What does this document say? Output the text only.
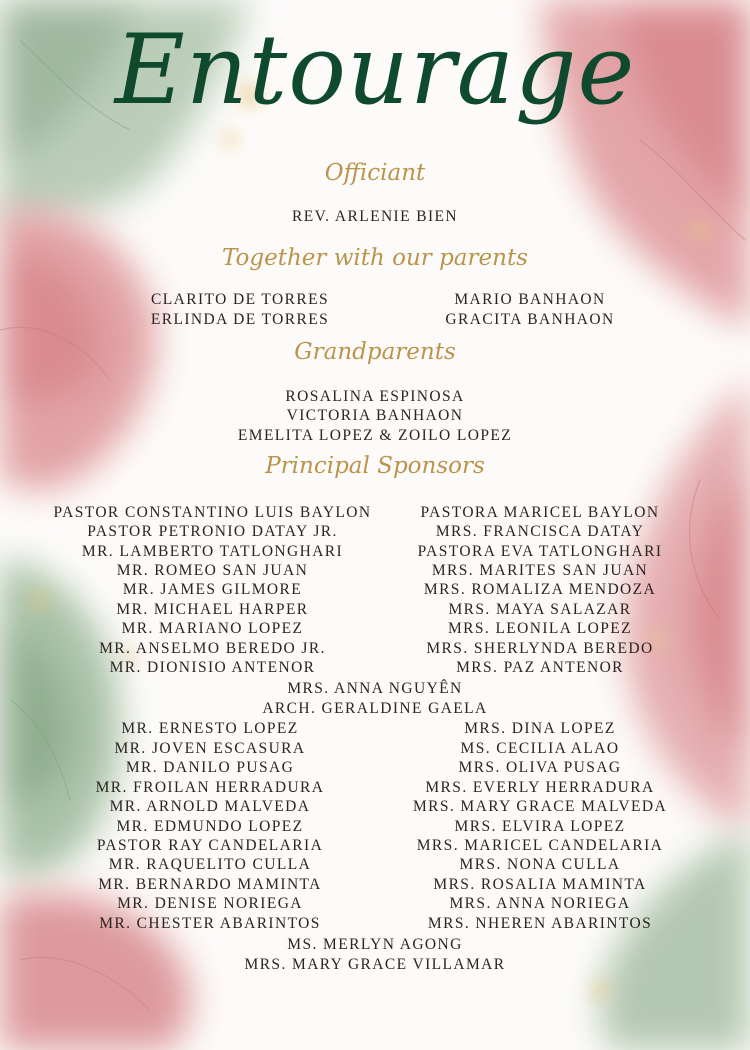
Entourage
Officiant
REV. ARLENIE BIEN
Together with our parents
CLARITO DE TORRES	MARIO BANHAON
ERLINDA DE TORRES	GRACITA BANHAON
Grandparents
ROSALINA ESPINOSA
VICTORIA BANHAON
EMELITA LOPEZ & ZOILO LOPEZ
Principal Sponsors
PASTOR CONSTANTINO LUIS BAYLON	PASTORA MARICEL BAYLON
PASTOR PETRONIO DATAY JR.	MRS. FRANCISCA DATAY
MR. LAMBERTO TATLONGHARI	PASTORA EVA TATLONGHARI
MR. ROMEO SAN JUAN	MRS. MARITES SAN JUAN
MR. JAMES GILMORE	MRS. ROMALIZA MENDOZA
MR. MICHAEL HARPER	MRS. MAYA SALAZAR
MR. MARIANO LOPEZ	MRS. LEONILA LOPEZ
MR. ANSELMO BEREDO JR.	MRS. SHERLYNDA BEREDO
MR. DIONISIO ANTENOR	MRS. PAZ ANTENOR
MRS. ANNA NGUYÊN
ARCH. GERALDINE GAELA
MR. ERNESTO LOPEZ	MRS. DINA LOPEZ
MR. JOVEN ESCASURA	MS. CECILIA ALAO
MR. DANILO PUSAG	MRS. OLIVA PUSAG
MR. FROILAN HERRADURA	MRS. EVERLY HERRADURA
MR. ARNOLD MALVEDA	MRS. MARY GRACE MALVEDA
MR. EDMUNDO LOPEZ	MRS. ELVIRA LOPEZ
PASTOR RAY CANDELARIA	MRS. MARICEL CANDELARIA
MR. RAQUELITO CULLA	MRS. NONA CULLA
MR. BERNARDO MAMINTA	MRS. ROSALIA MAMINTA
MR. DENISE NORIEGA	MRS. ANNA NORIEGA
MR. CHESTER ABARINTOS	MRS. NHEREN ABARINTOS
MS. MERLYN AGONG
MRS. MARY GRACE VILLAMAR
